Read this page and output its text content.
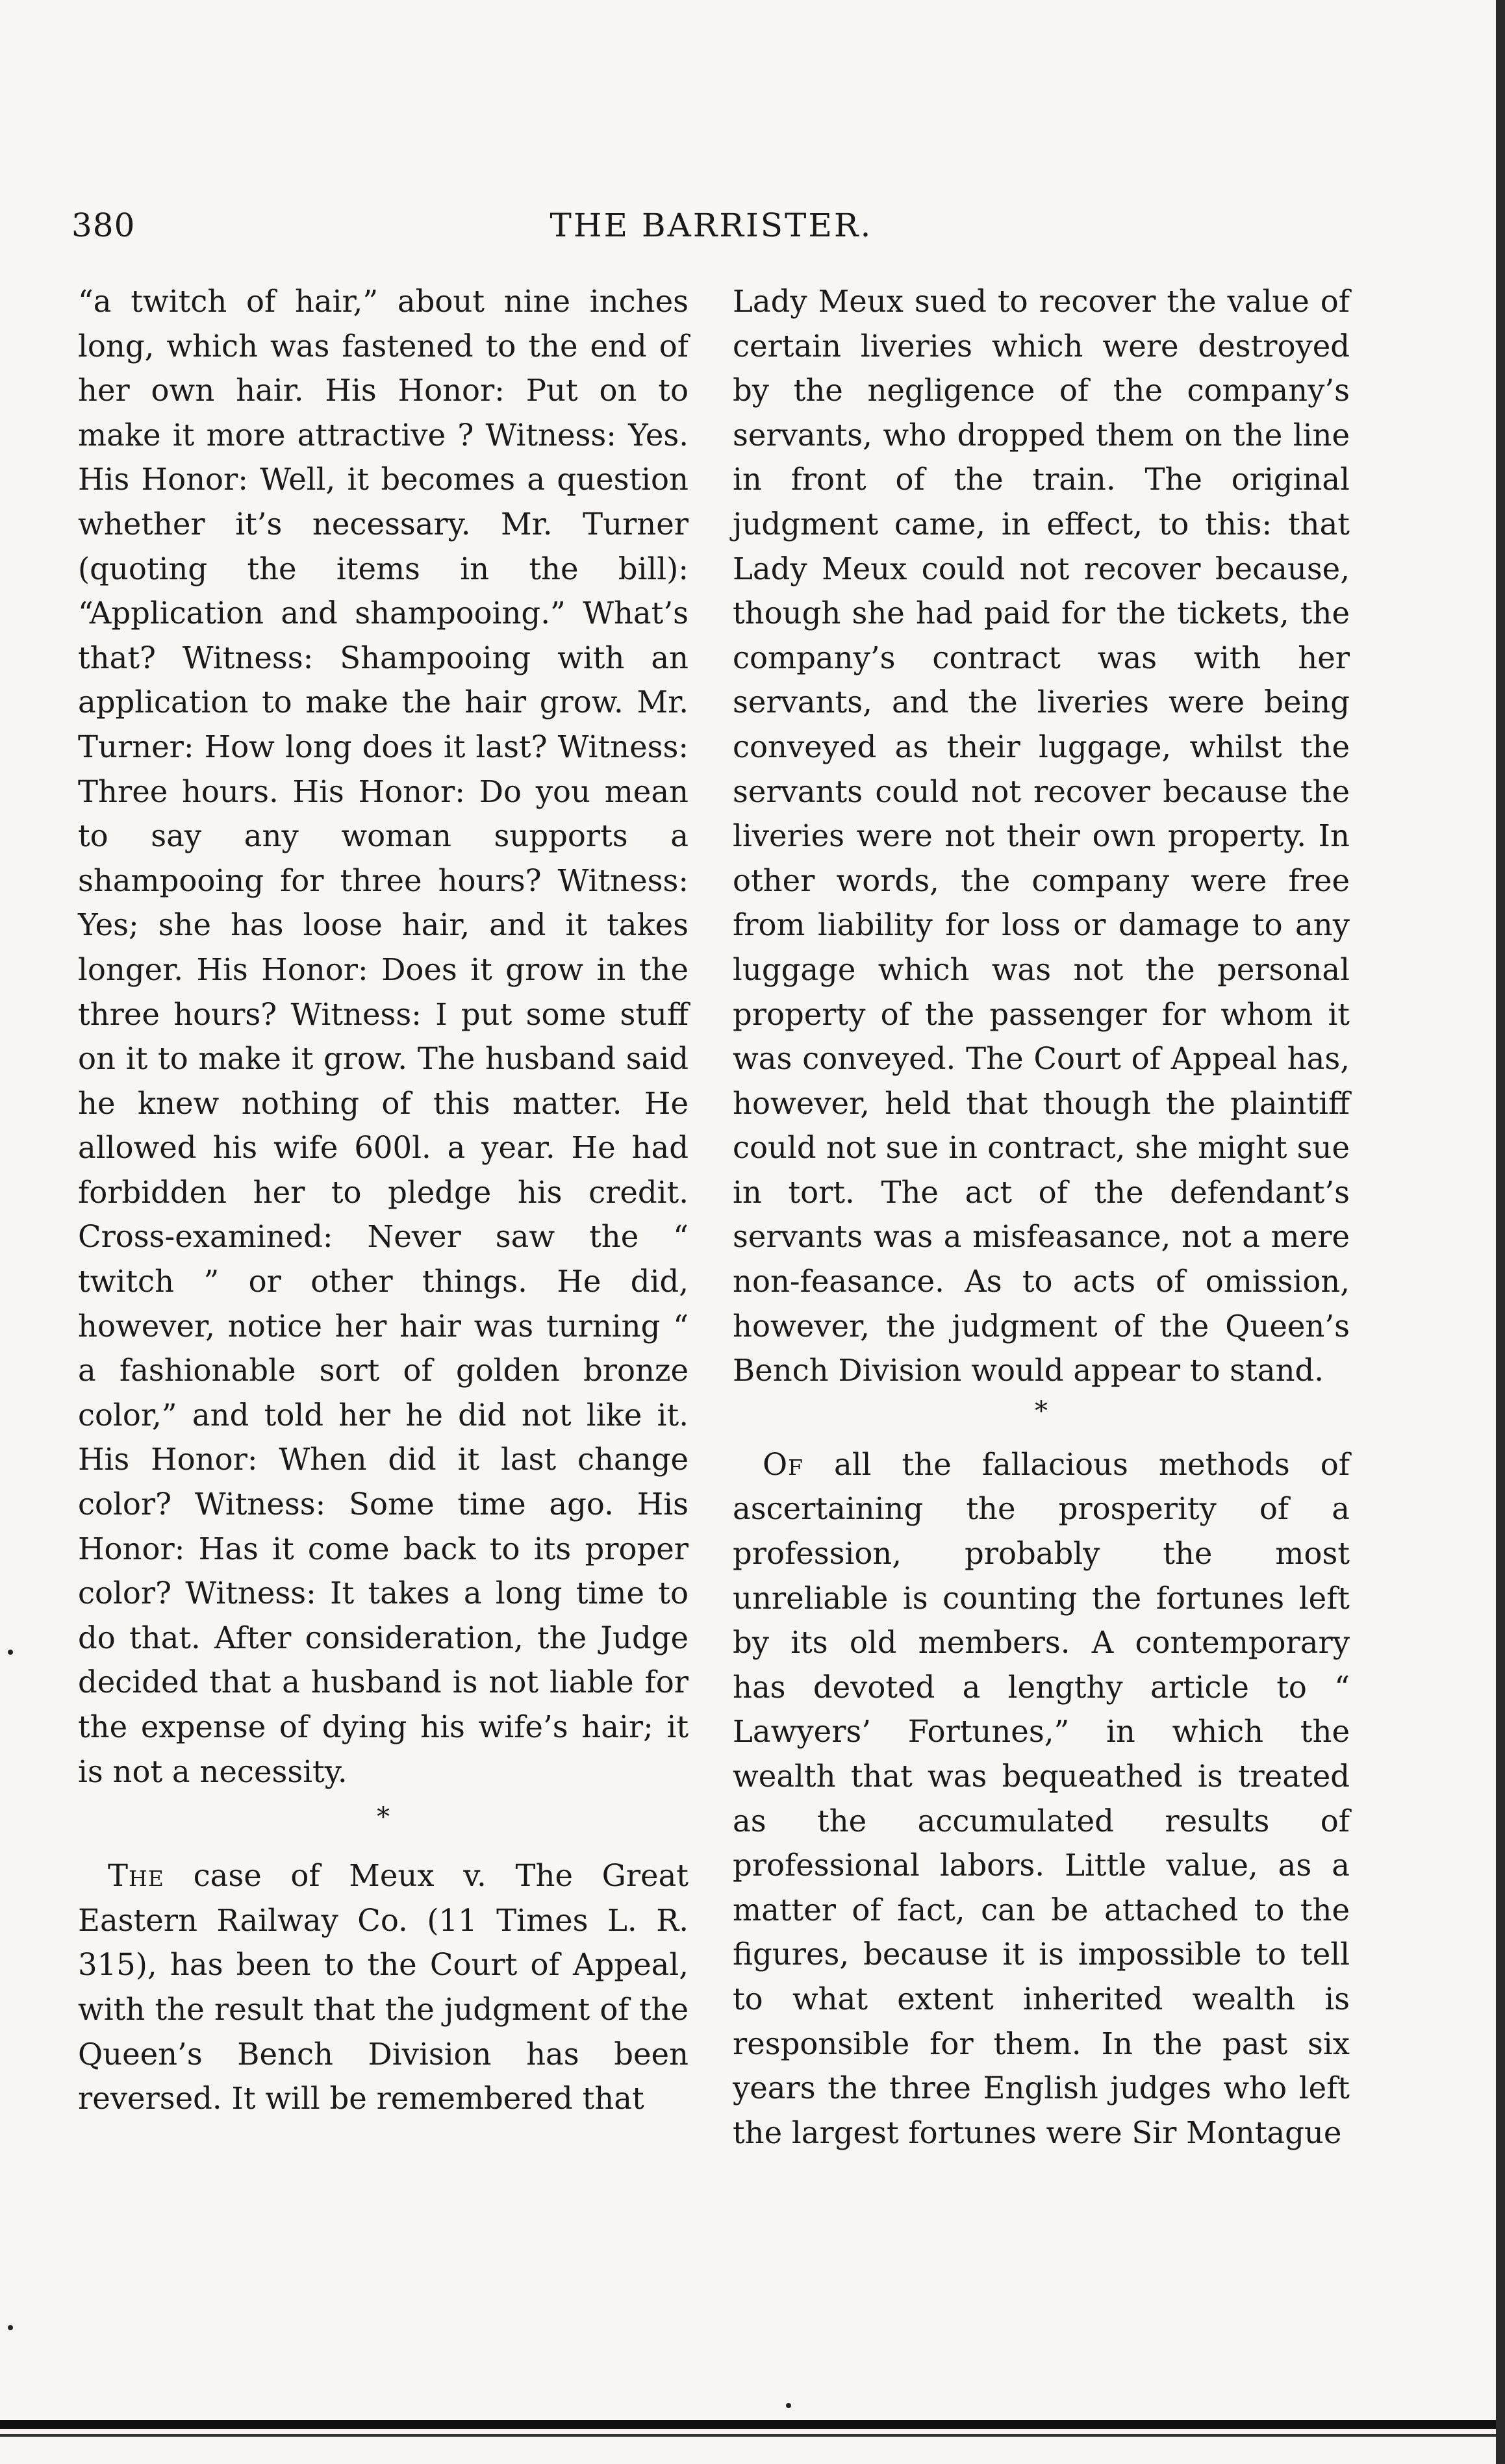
380	THE BARRISTER.

“a twitch of hair,” about nine inches long, which was fastened to the end of her own hair. His Honor: Put on to make it more attractive ? Witness: Yes. His Honor: Well, it becomes a question whether it’s necessary. Mr. Turner (quoting the items in the bill): “Application and shampooing.” What’s that? Witness: Shampooing with an application to make the hair grow. Mr. Turner: How long does it last? Witness: Three hours. His Honor: Do you mean to say any woman supports a shampooing for three hours? Witness: Yes; she has loose hair, and it takes longer. His Honor: Does it grow in the three hours? Witness: I put some stuff on it to make it grow. The husband said he knew nothing of this matter. He allowed his wife 600l. a year. He had forbidden her to pledge his credit. Cross-examined: Never saw the “ twitch ” or other things. He did, however, notice her hair was turning “ a fashionable sort of golden bronze color,” and told her he did not like it. His Honor: When did it last change color? Witness: Some time ago. His Honor: Has it come back to its proper color? Witness: It takes a long time to do that. After consideration, the Judge decided that a husband is not liable for the expense of dying his wife’s hair; it is not a necessity.

*

The case of Meux v. The Great Eastern Railway Co. (11 Times L. R. 315), has been to the Court of Appeal, with the result that the judgment of the Queen’s Bench Division has been reversed. It will be remembered that

Lady Meux sued to recover the value of certain liveries which were destroyed by the negligence of the company’s servants, who dropped them on the line in front of the train. The original judgment came, in effect, to this: that Lady Meux could not recover because, though she had paid for the tickets, the company’s contract was with her servants, and the liveries were being conveyed as their luggage, whilst the servants could not recover because the liveries were not their own property. In other words, the company were free from liability for loss or damage to any luggage which was not the personal property of the passenger for whom it was conveyed. The Court of Appeal has, however, held that though the plaintiff could not sue in contract, she might sue in tort. The act of the defendant’s servants was a misfeasance, not a mere non-feasance. As to acts of omission, however, the judgment of the Queen’s Bench Division would appear to stand.

*

Of all the fallacious methods of ascertaining the prosperity of a profession, probably the most unreliable is counting the fortunes left by its old members. A contemporary has devoted a lengthy article to “ Lawyers’ Fortunes,” in which the wealth that was bequeathed is treated as the accumulated results of professional labors. Little value, as a matter of fact, can be attached to the figures, because it is impossible to tell to what extent inherited wealth is responsible for them. In the past six years the three English judges who left the largest fortunes were Sir Montague
